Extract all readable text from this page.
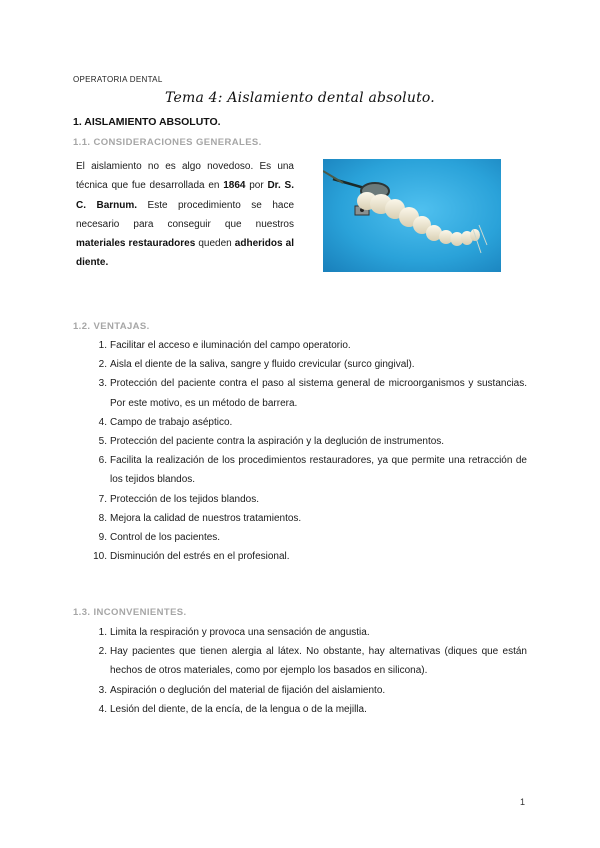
OPERATORIA DENTAL
Tema 4: Aislamiento dental absoluto.
1. AISLAMIENTO ABSOLUTO.
1.1. CONSIDERACIONES GENERALES.

El aislamiento no es algo novedoso. Es una técnica que fue desarrollada en 1864 por Dr. S. C. Barnum. Este procedimiento se hace necesario para conseguir que nuestros materiales restauradores queden adheridos al diente.

1.2. VENTAJAS.
1. Facilitar el acceso e iluminación del campo operatorio.
2. Aisla el diente de la saliva, sangre y fluido crevicular (surco gingival).
3. Protección del paciente contra el paso al sistema general de microorganismos y sustancias. Por este motivo, es un método de barrera.
4. Campo de trabajo aséptico.
5. Protección del paciente contra la aspiración y la deglución de instrumentos.
6. Facilita la realización de los procedimientos restauradores, ya que permite una retracción de los tejidos blandos.
7. Protección de los tejidos blandos.
8. Mejora la calidad de nuestros tratamientos.
9. Control de los pacientes.
10. Disminución del estrés en el profesional.
1.3. INCONVENIENTES.
1. Limita la respiración y provoca una sensación de angustia.
2. Hay pacientes que tienen alergia al látex. No obstante, hay alternativas (diques que están hechos de otros materiales, como por ejemplo los basados en silicona).
3. Aspiración o deglución del material de fijación del aislamiento.
4. Lesión del diente, de la encía, de la lengua o de la mejilla.
1
